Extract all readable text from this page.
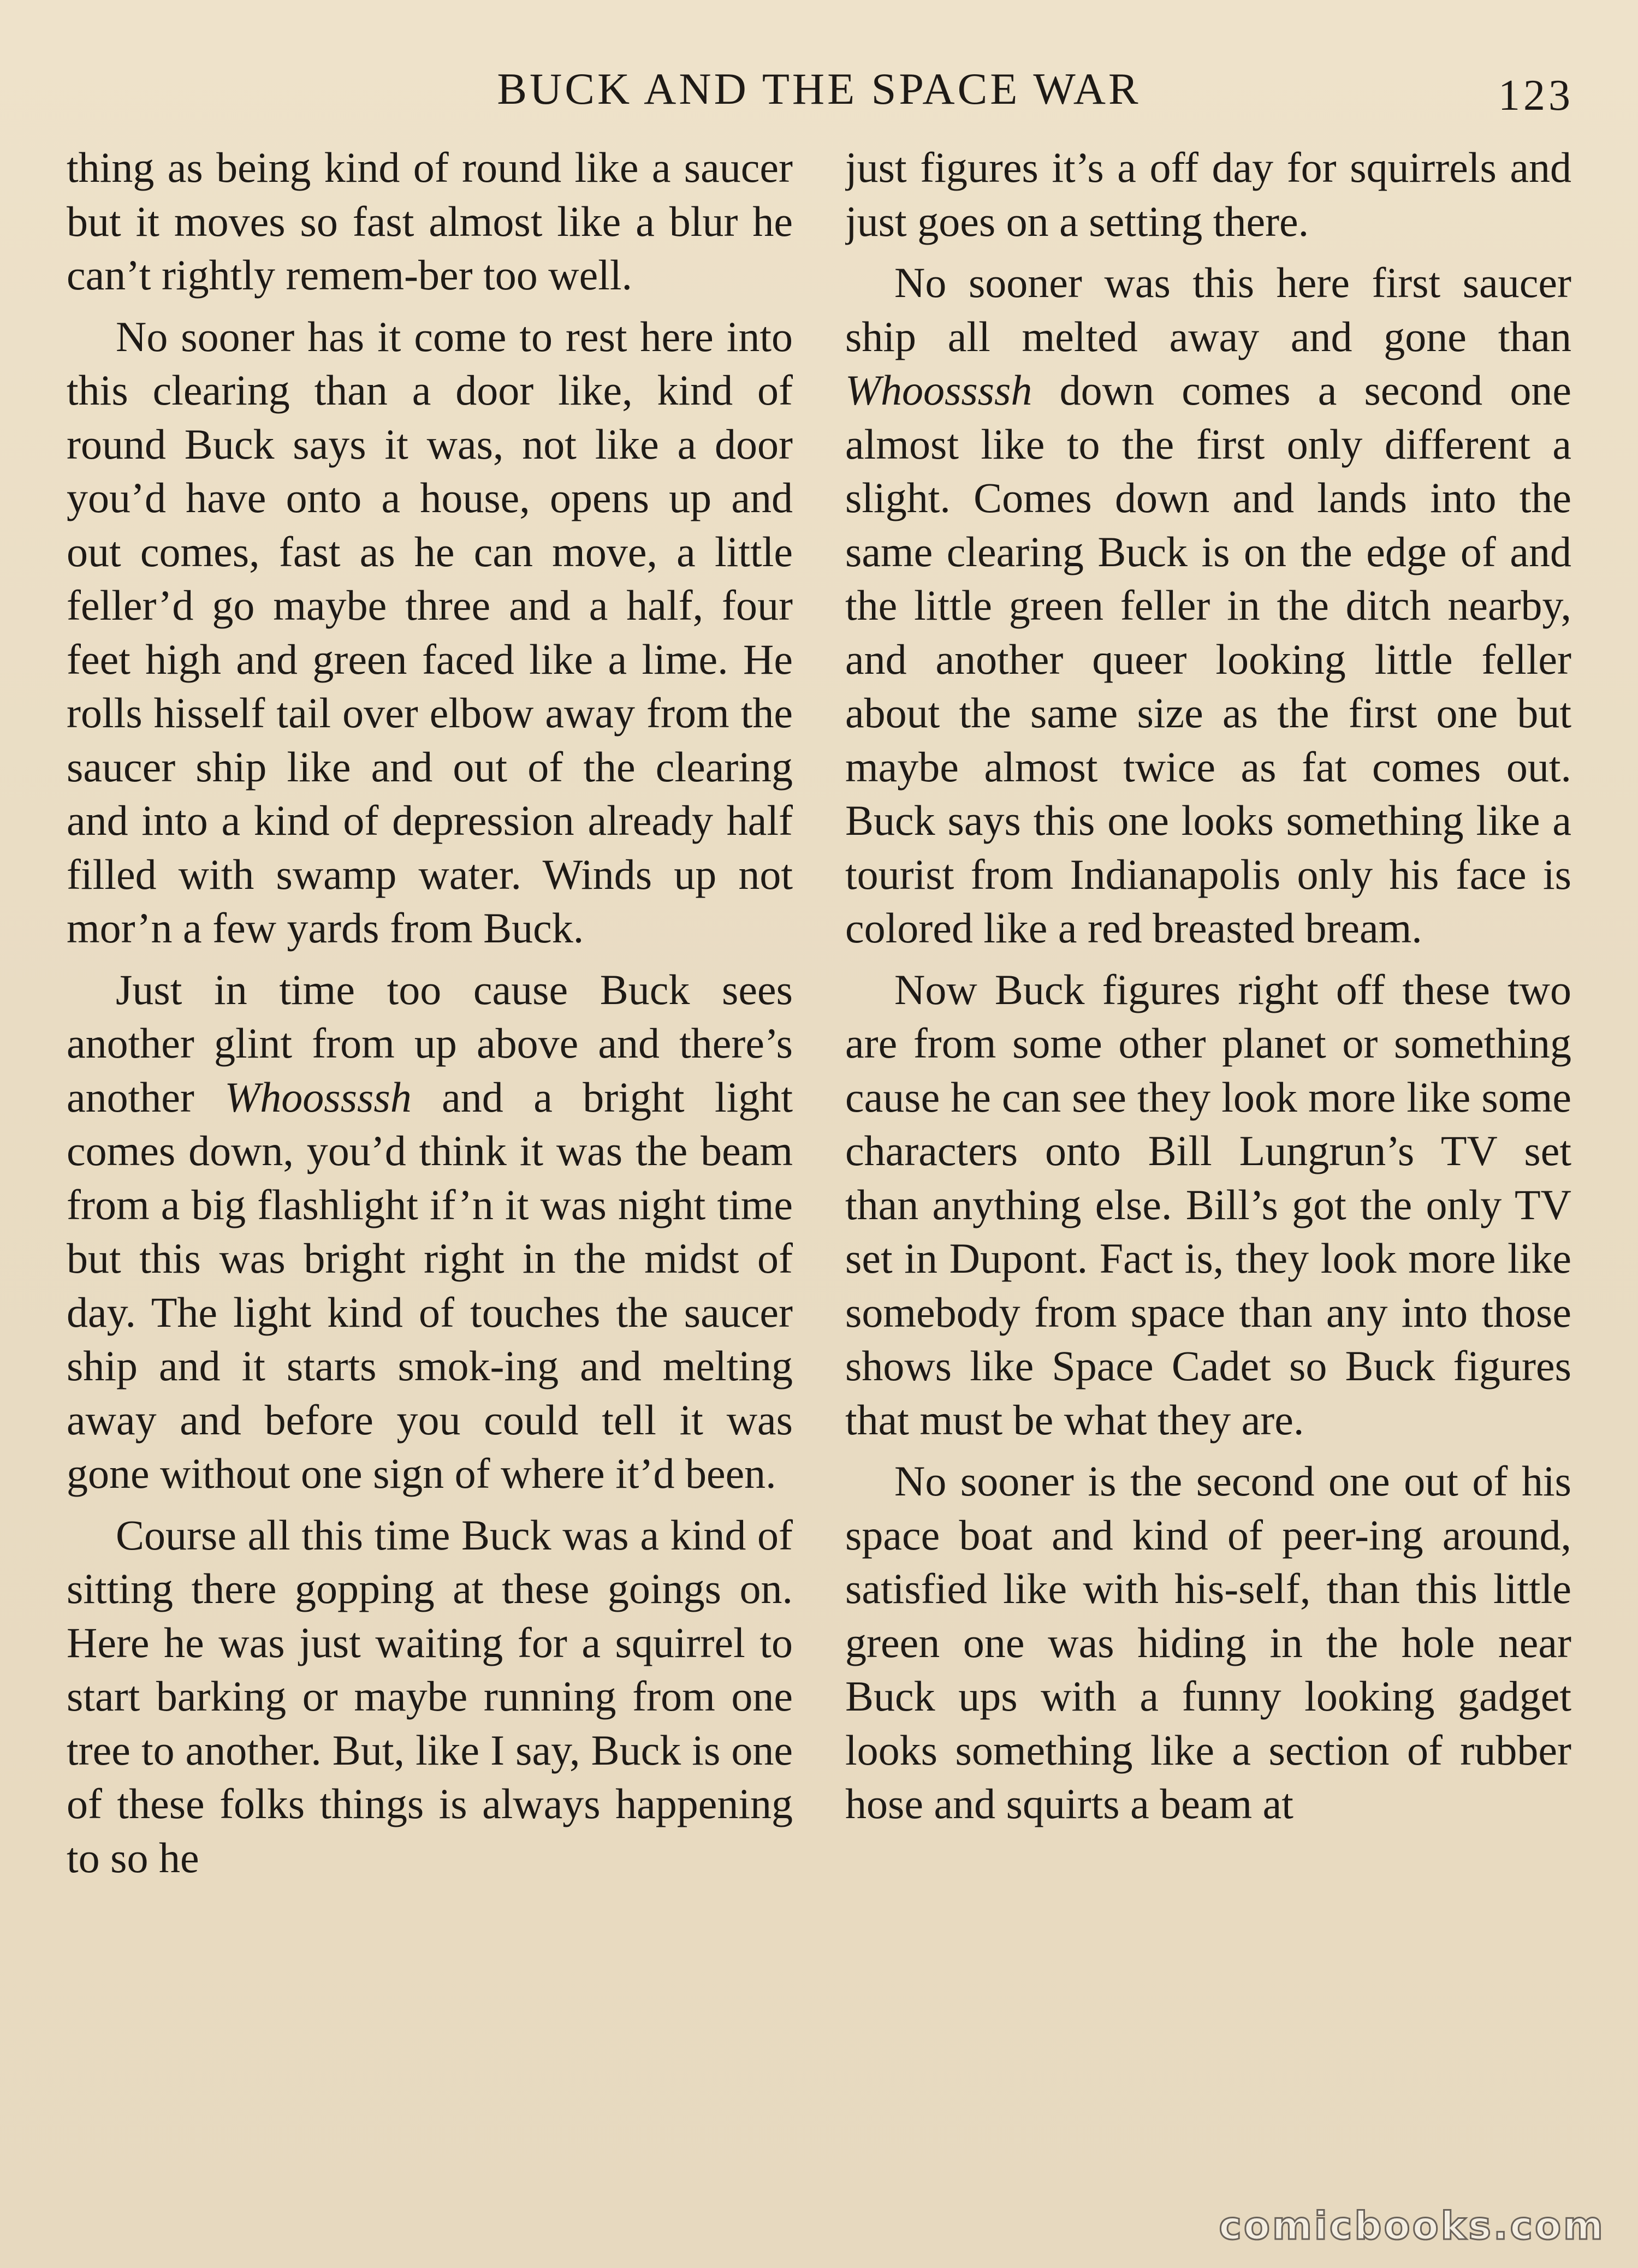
BUCK AND THE SPACE WAR	123

thing as being kind of round like a saucer but it moves so fast almost like a blur he can’t rightly remem-ber too well.

No sooner has it come to rest here into this clearing than a door like, kind of round Buck says it was, not like a door you’d have onto a house, opens up and out comes, fast as he can move, a little feller’d go maybe three and a half, four feet high and green faced like a lime. He rolls hisself tail over elbow away from the saucer ship like and out of the clearing and into a kind of depression already half filled with swamp water. Winds up not mor’n a few yards from Buck.

Just in time too cause Buck sees another glint from up above and there’s another Whoossssh and a bright light comes down, you’d think it was the beam from a big flashlight if’n it was night time but this was bright right in the midst of day. The light kind of touches the saucer ship and it starts smok-ing and melting away and before you could tell it was gone without one sign of where it’d been.

Course all this time Buck was a kind of sitting there gopping at these goings on. Here he was just waiting for a squirrel to start barking or maybe running from one tree to another. But, like I say, Buck is one of these folks things is always happening to so he

just figures it’s a off day for squirrels and just goes on a setting there.

No sooner was this here first saucer ship all melted away and gone than Whoossssh down comes a second one almost like to the first only different a slight. Comes down and lands into the same clearing Buck is on the edge of and the little green feller in the ditch nearby, and another queer looking little feller about the same size as the first one but maybe almost twice as fat comes out. Buck says this one looks something like a tourist from Indianapolis only his face is colored like a red breasted bream.

Now Buck figures right off these two are from some other planet or something cause he can see they look more like some characters onto Bill Lungrun’s TV set than anything else. Bill’s got the only TV set in Dupont. Fact is, they look more like somebody from space than any into those shows like Space Cadet so Buck figures that must be what they are.

No sooner is the second one out of his space boat and kind of peer-ing around, satisfied like with his-self, than this little green one was hiding in the hole near Buck ups with a funny looking gadget looks something like a section of rubber hose and squirts a beam at

comicbooks.com
